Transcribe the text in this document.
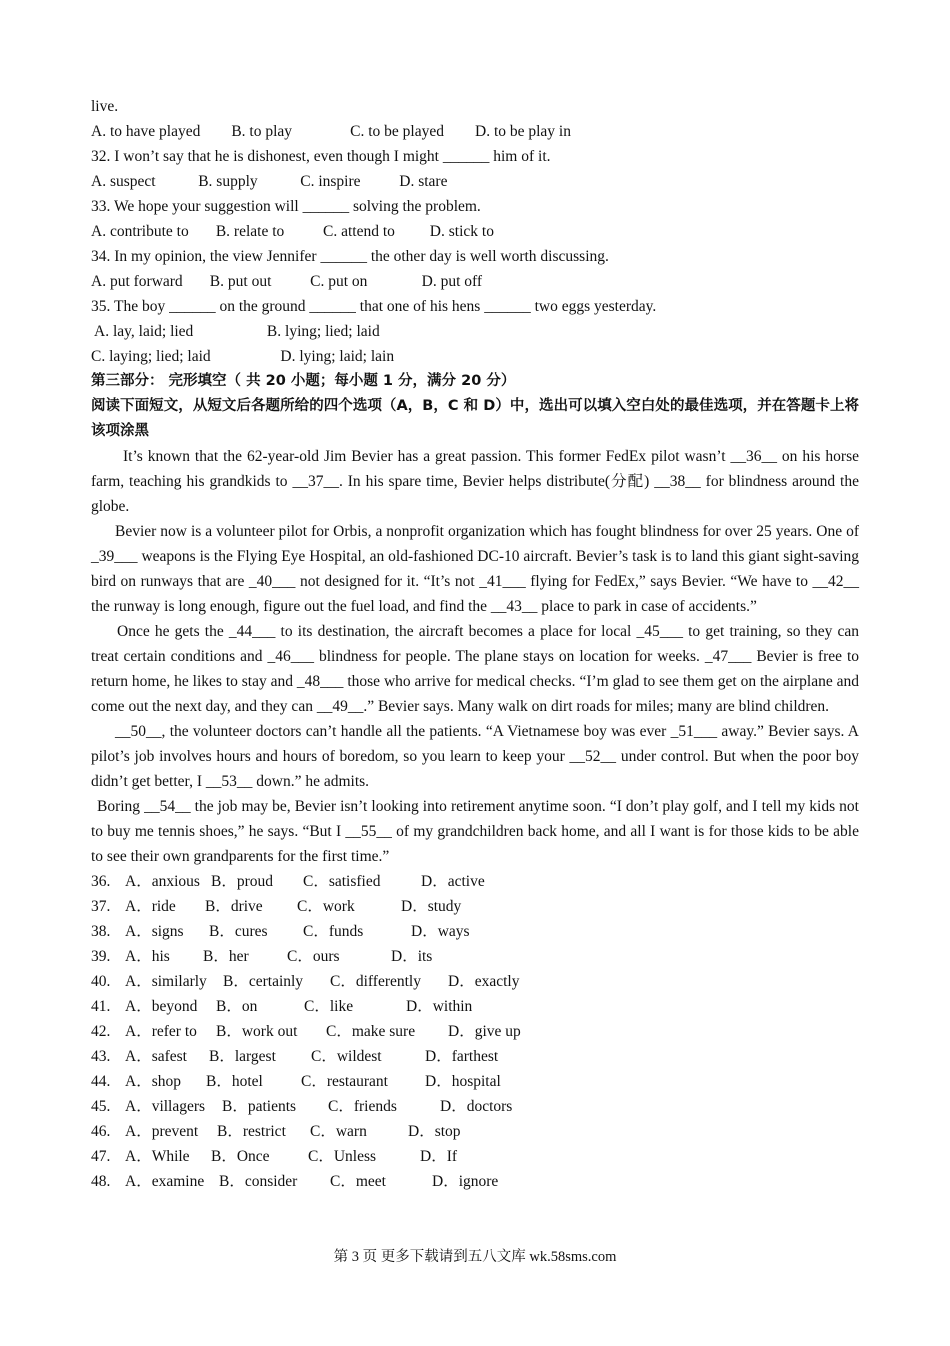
live.
A. to have played        B. to play               C. to be played        D. to be play in
32. I won’t say that he is dishonest, even though I might ______ him of it.
A. suspect           B. supply           C. inspire          D. stare
33. We hope your suggestion will ______ solving the problem.
A. contribute to       B. relate to          C. attend to         D. stick to
34. In my opinion, the view Jennifer ______ the other day is well worth discussing.
A. put forward       B. put out          C. put on              D. put off
35. The boy ______ on the ground ______ that one of his hens ______ two eggs yesterday.
A. lay, laid; lied                   B. lying; lied; laid
C. laying; lied; laid                  D. lying; laid; lain
第三部分： 完形填空（ 共 20 小题；每小题 1 分，满分 20 分）

阅读下面短文，从短文后各题所给的四个选项（A，B，C 和 D）中，选出可以填入空白处的最佳选项，并在答题卡上将该项涂黑

It’s known that the 62-year-old Jim Bevier has a great passion. This former FedEx pilot wasn’t __36__ on his horse farm, teaching his grandkids to __37__. In his spare time, Bevier helps distribute(分配) __38__ for blindness around the globe.

Bevier now is a volunteer pilot for Orbis, a nonprofit organization which has fought blindness for over 25 years. One of _39___ weapons is the Flying Eye Hospital, an old-fashioned DC-10 aircraft. Bevier’s task is to land this giant sight-saving bird on runways that are _40___ not designed for it. “It’s not _41___ flying for FedEx,” says Bevier. “We have to __42__ the runway is long enough, figure out the fuel load, and find the __43__ place to park in case of accidents.”

Once he gets the _44___ to its destination, the aircraft becomes a place for local _45___ to get training, so they can treat certain conditions and _46___ blindness for people. The plane stays on location for weeks. _47___ Bevier is free to return home, he likes to stay and _48___ those who arrive for medical checks. “I’m glad to see them get on the airplane and come out the next day, and they can __49__.” Bevier says. Many walk on dirt roads for miles; many are blind children.

__50__, the volunteer doctors can’t handle all the patients. “A Vietnamese boy was ever _51___ away.” Bevier says. A pilot’s job involves hours and hours of boredom, so you learn to keep your __52__ under control. But when the poor boy didn’t get better, I __53__ down.” he admits.

Boring __54__ the job may be, Bevier isn’t looking into retirement anytime soon. “I don’t play golf, and I tell my kids not to buy me tennis shoes,” he says. “But I __55__ of my grandchildren back home, and all I want is for those kids to be able to see their own grandparents for the first time.”

36. A．anxious B．proud	C．satisfied	D．active
37. A．ride	B．drive	C．work	D．study
38. A．signs	B．cures	C．funds	D．ways
39. A．his	B．her	C．ours	D．its
40. A．similarly	B．certainly	C．differently	D．exactly
41. A．beyond	B．on	C．like	D．within
42. A．refer to	B．work out	C．make sure	D．give up
43. A．safest	B．largest	C．wildest	D．farthest
44. A．shop	B．hotel	C．restaurant	D．hospital
45. A．villagers	B．patients	C．friends	D．doctors
46. A．prevent	B．restrict	C．warn	D．stop
47. A．While	B．Once	C．Unless	D．If
48. A．examine B．consider	C．meet	D．ignore
第 3 页 更多下载请到五八文库 wk.58sms.com
